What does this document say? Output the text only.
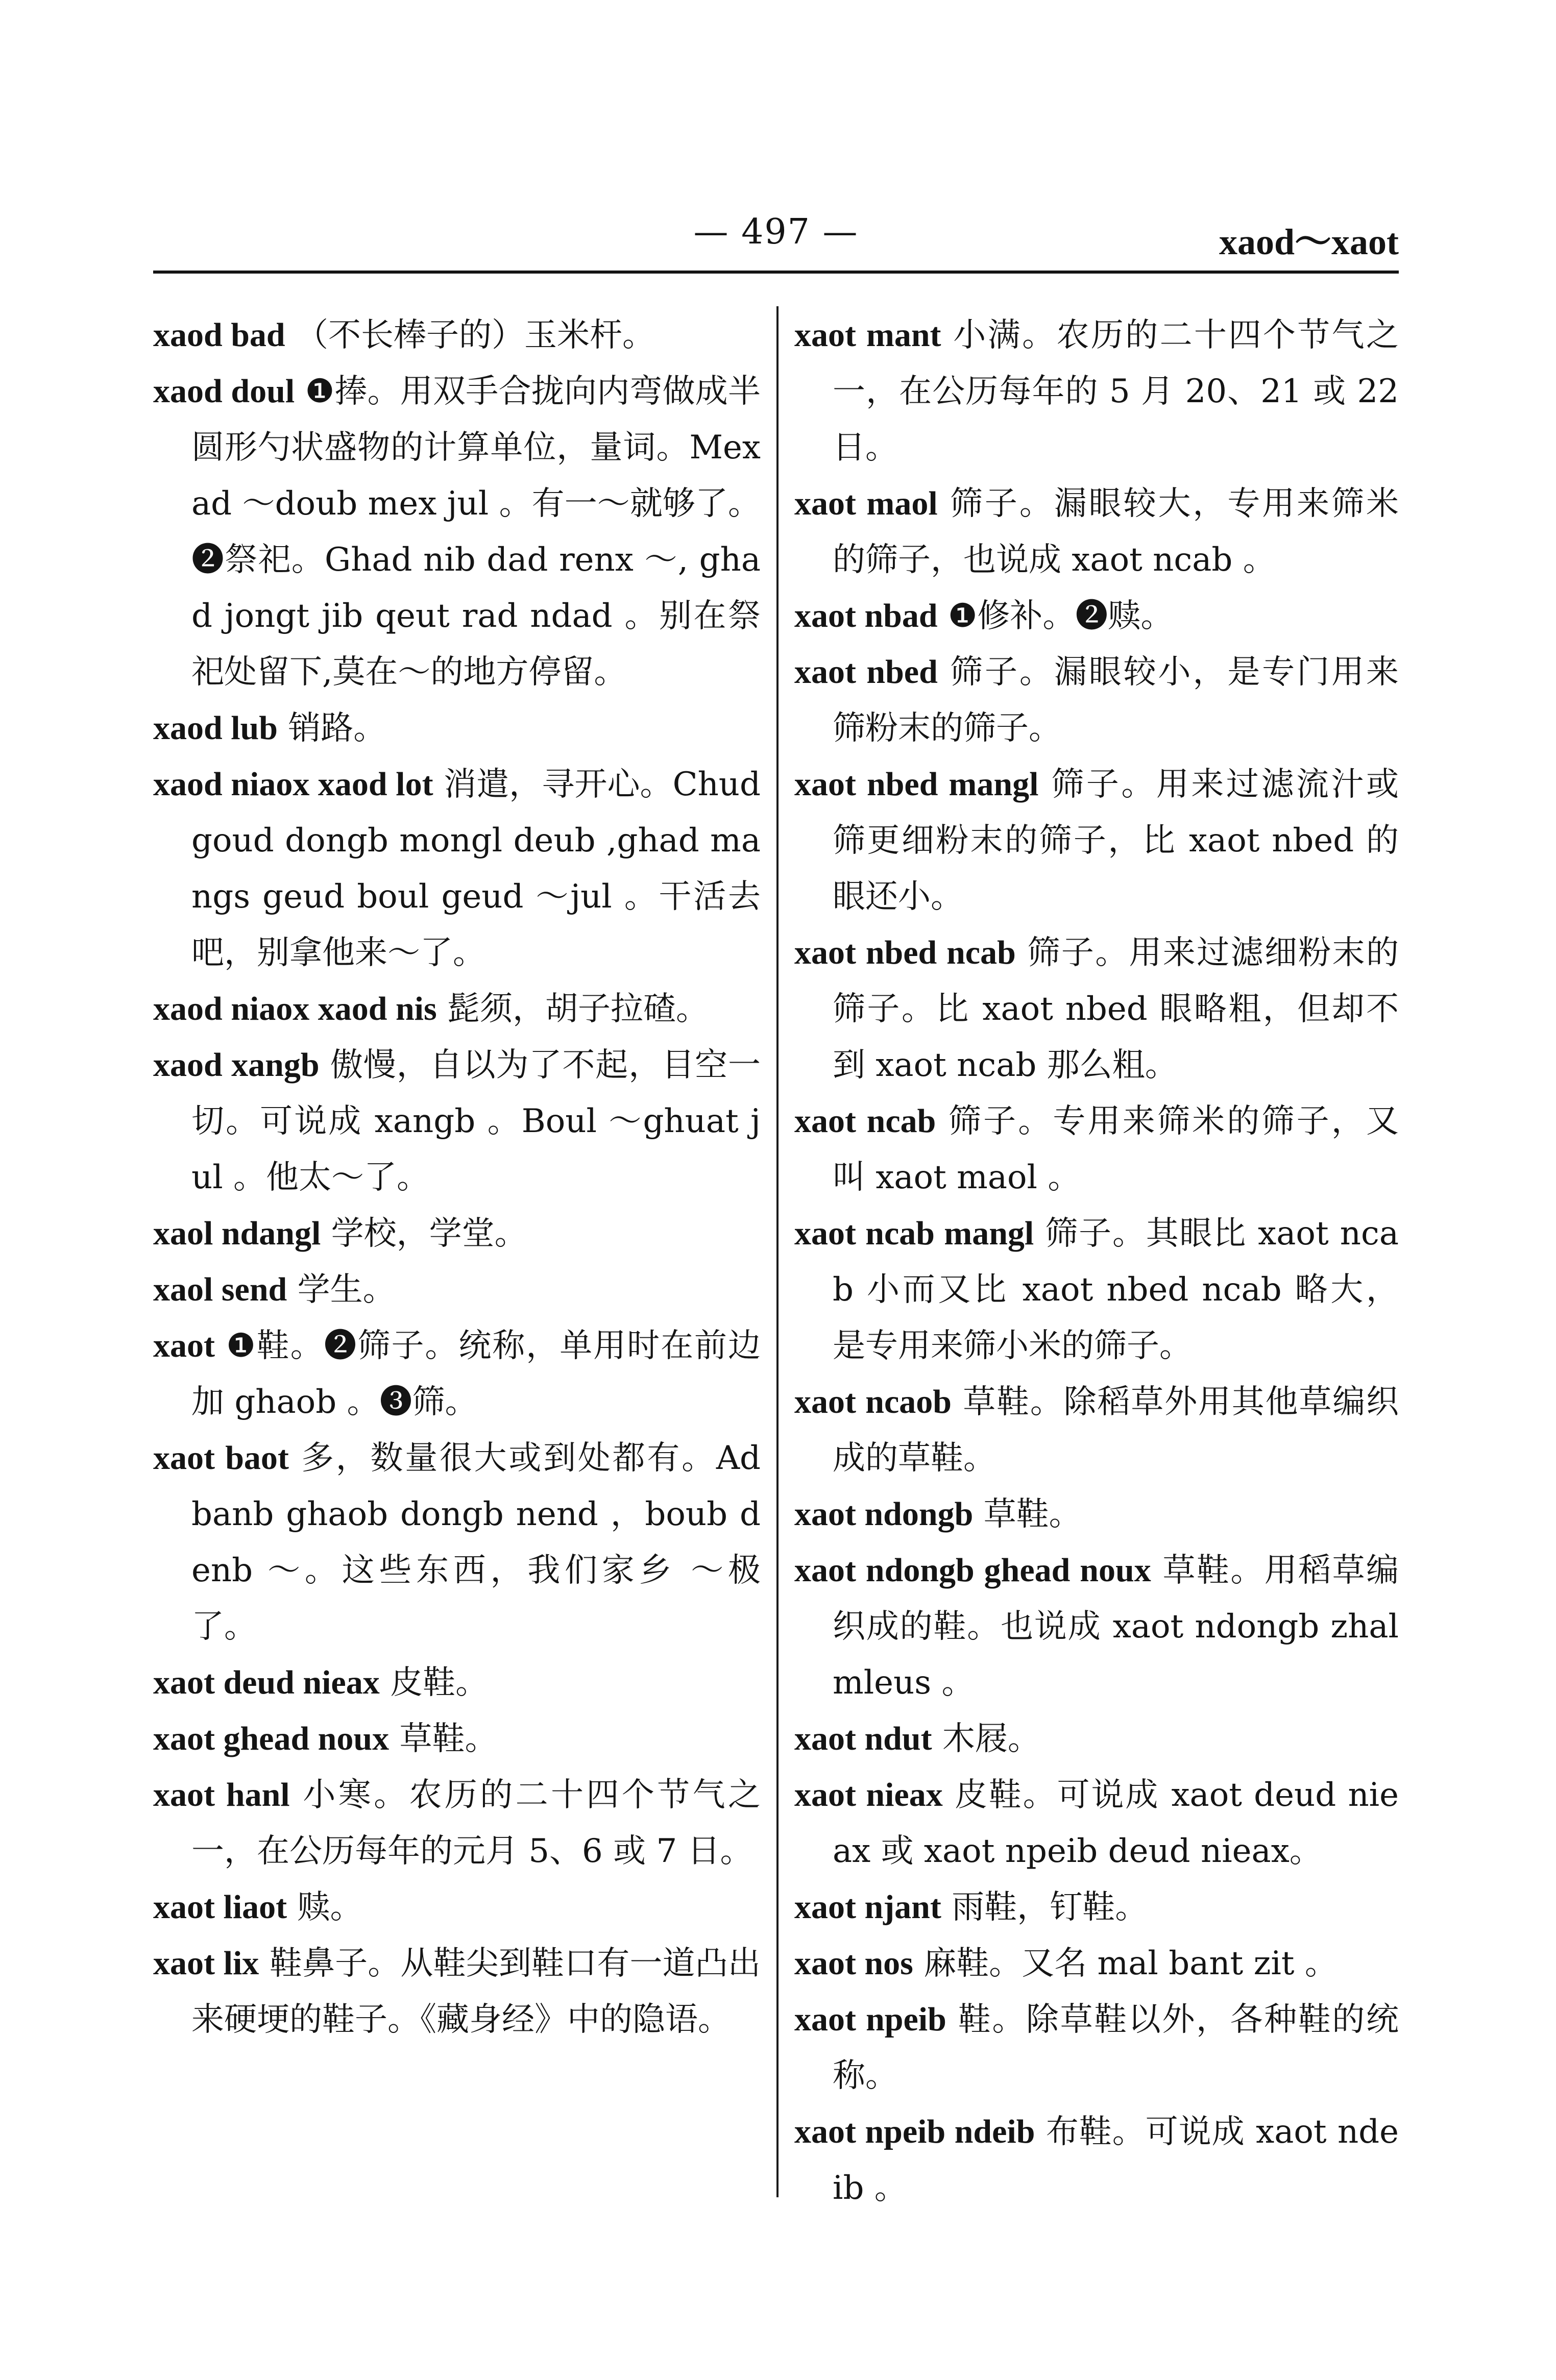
— 497 —	xaod～xaot

xaod bad （不长棒子的）玉米杆。

xaod doul ❶捧。用双手合拢向内弯做成半圆形勺状盛物的计算单位，量词。Mex ad ～doub mex jul 。有一～就够了。❷祭祀。Ghad nib dad renx ～, ghad jongt jib qeut rad ndad 。别在祭祀处留下,莫在～的地方停留。

xaod lub 销路。

xaod niaox xaod lot 消遣，寻开心。Chud goud dongb mongl deub ,ghad mangs geud boul geud ～jul 。干活去吧，别拿他来～了。

xaod niaox xaod nis 髭须，胡子拉碴。

xaod xangb 傲慢，自以为了不起，目空一切。可说成 xangb 。Boul ～ghuat jul 。他太～了。

xaol ndangl 学校，学堂。

xaol send 学生。

xaot ❶鞋。❷筛子。统称，单用时在前边加 ghaob 。❸筛。

xaot baot 多，数量很大或到处都有。Ad banb ghaob dongb nend ，boub denb ～。这些东西，我们家乡 ～极了。

xaot deud nieax 皮鞋。

xaot ghead noux 草鞋。

xaot hanl 小寒。农历的二十四个节气之一，在公历每年的元月 5、6 或 7 日。

xaot liaot 赎。

xaot lix 鞋鼻子。从鞋尖到鞋口有一道凸出来硬埂的鞋子。《藏身经》中的隐语。

xaot mant 小满。农历的二十四个节气之一，在公历每年的 5 月 20、21 或 22 日。

xaot maol 筛子。漏眼较大，专用来筛米的筛子，也说成 xaot ncab 。

xaot nbad ❶修补。❷赎。

xaot nbed 筛子。漏眼较小，是专门用来筛粉末的筛子。

xaot nbed mangl 筛子。用来过滤流汁或筛更细粉末的筛子，比 xaot nbed 的眼还小。

xaot nbed ncab 筛子。用来过滤细粉末的筛子。比 xaot nbed 眼略粗，但却不到 xaot ncab 那么粗。

xaot ncab 筛子。专用来筛米的筛子，又叫 xaot maol 。

xaot ncab mangl 筛子。其眼比 xaot ncab 小而又比 xaot nbed ncab 略大，是专用来筛小米的筛子。

xaot ncaob 草鞋。除稻草外用其他草编织成的草鞋。

xaot ndongb 草鞋。

xaot ndongb ghead noux 草鞋。用稻草编织成的鞋。也说成 xaot ndongb zhal mleus 。

xaot ndut 木屐。

xaot nieax 皮鞋。可说成 xaot deud nieax 或 xaot npeib deud nieax。

xaot njant 雨鞋，钉鞋。

xaot nos 麻鞋。又名 mal bant zit 。

xaot npeib 鞋。除草鞋以外，各种鞋的统称。

xaot npeib ndeib 布鞋。可说成 xaot ndeib 。
